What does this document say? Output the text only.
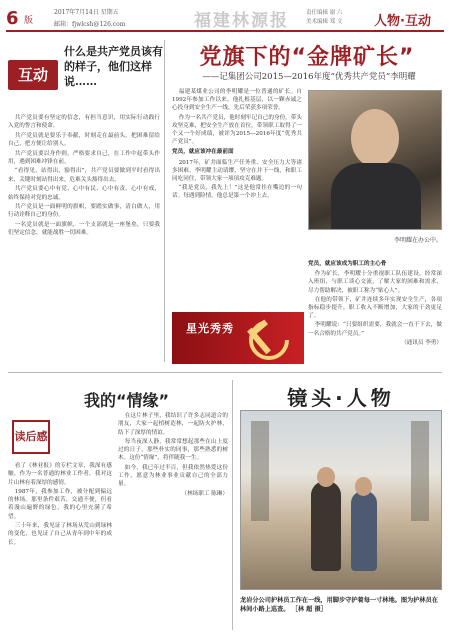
6 版
2017年7月14日 星期五
邮箱：fjwlcsh@126.com	福建林源报	责任编辑 谢 六
美术编辑 郑 文 人物·互动
互动
什么是共产党员该有的样子，他们这样说……

共产党员要有坚定的信念，有担当意识，用实际行动践行入党的誓言和使命。

共产党员就是要乐于奉献，时刻走在最前头，把困难留给自己，把方便让给别人。

共产党员要以身作则，严格要求自己，在工作中起带头作用，遇到困难冲锋在前。

“看得见，站得出，豁得出”，共产党员要做到平时看得出来，关键时刻站得出来，危难关头豁得出去。

共产党员要心中有党、心中有民、心中有责、心中有戒，始终保持对党的忠诚。

共产党员是一面鲜明的旗帜，要踏实做事，清白做人，用行动诠释自己的身份。

一名党员就是一面旗帜，一个支部就是一座堡垒，只要我们坚定信念，就能战胜一切困难。

党旗下的“金牌矿长”
——记集团公司2015—2016年度“优秀共产党员”李明耀

福建某煤业公司的李明耀是一位普通的矿长。自1992年参加工作以来，他扎根基层，以一颗赤诚之心投身到安全生产一线，先后荣获多项荣誉。

作为一名共产党员，他时刻牢记自己的身份，带头攻坚克难，把安全生产放在首位，带领职工取得了一个又一个好成绩，被评为2015—2016年度“优秀共产党员”。

党员，就应该冲在最前面

2017年，矿井面临生产任务重、安全压力大等诸多困难。李明耀主动请缨，坚守在井下一线，和职工同吃同住，带领大家一项项攻克难题。

“我是党员，我先上！”这是他常挂在嘴边的一句话。每遇到险情，他总是第一个冲上去。

李明耀在办公中。

党员，就应该成为职工的主心骨

作为矿长，李明耀十分重视职工队伍建设，经常深入班组，与职工谈心交流，了解大家的困难和需求，尽力帮助解决，被职工称为“贴心人”。

在他的带领下，矿井连续多年实现安全生产，各项指标稳步提升，职工收入不断增加，大家的干劲更足了。

李明耀说：“只要组织需要，我就会一直干下去，做一名合格的共产党员。”

（通讯员 李勇）

星光秀秀
我的“情缘”
读后感

看了《林业报》的专栏文章，我深有感触。作为一名普通的林业工作者，我对这片山林有着深厚的感情。

1987年，我参加工作，被分配到偏远的林场。那里条件艰苦，交通不便，但看着漫山遍野的绿色，我的心里充满了希望。

三十年来，我见证了林场从荒山到绿林的变化，也见证了自己从青年到中年的成长。

在这片林子里，我结识了许多志同道合的朋友，大家一起植树造林，一起防火护林，结下了深厚的情谊。

每当夜深人静，我常常想起那些在山上度过的日子，那些朴实的同事，那些熟悉的树木。这份“情缘”，将伴随我一生。

如今，我已年过半百，但我依然热爱这份工作，愿意为林业事业贡献自己的全部力量。

（林场职工 陈琳）

镜头·人物
龙岩分公司护林员工作在一线，用脚步守护着每一寸林地。图为护林员在林间小路上巡查。 ［林 超 摄］
